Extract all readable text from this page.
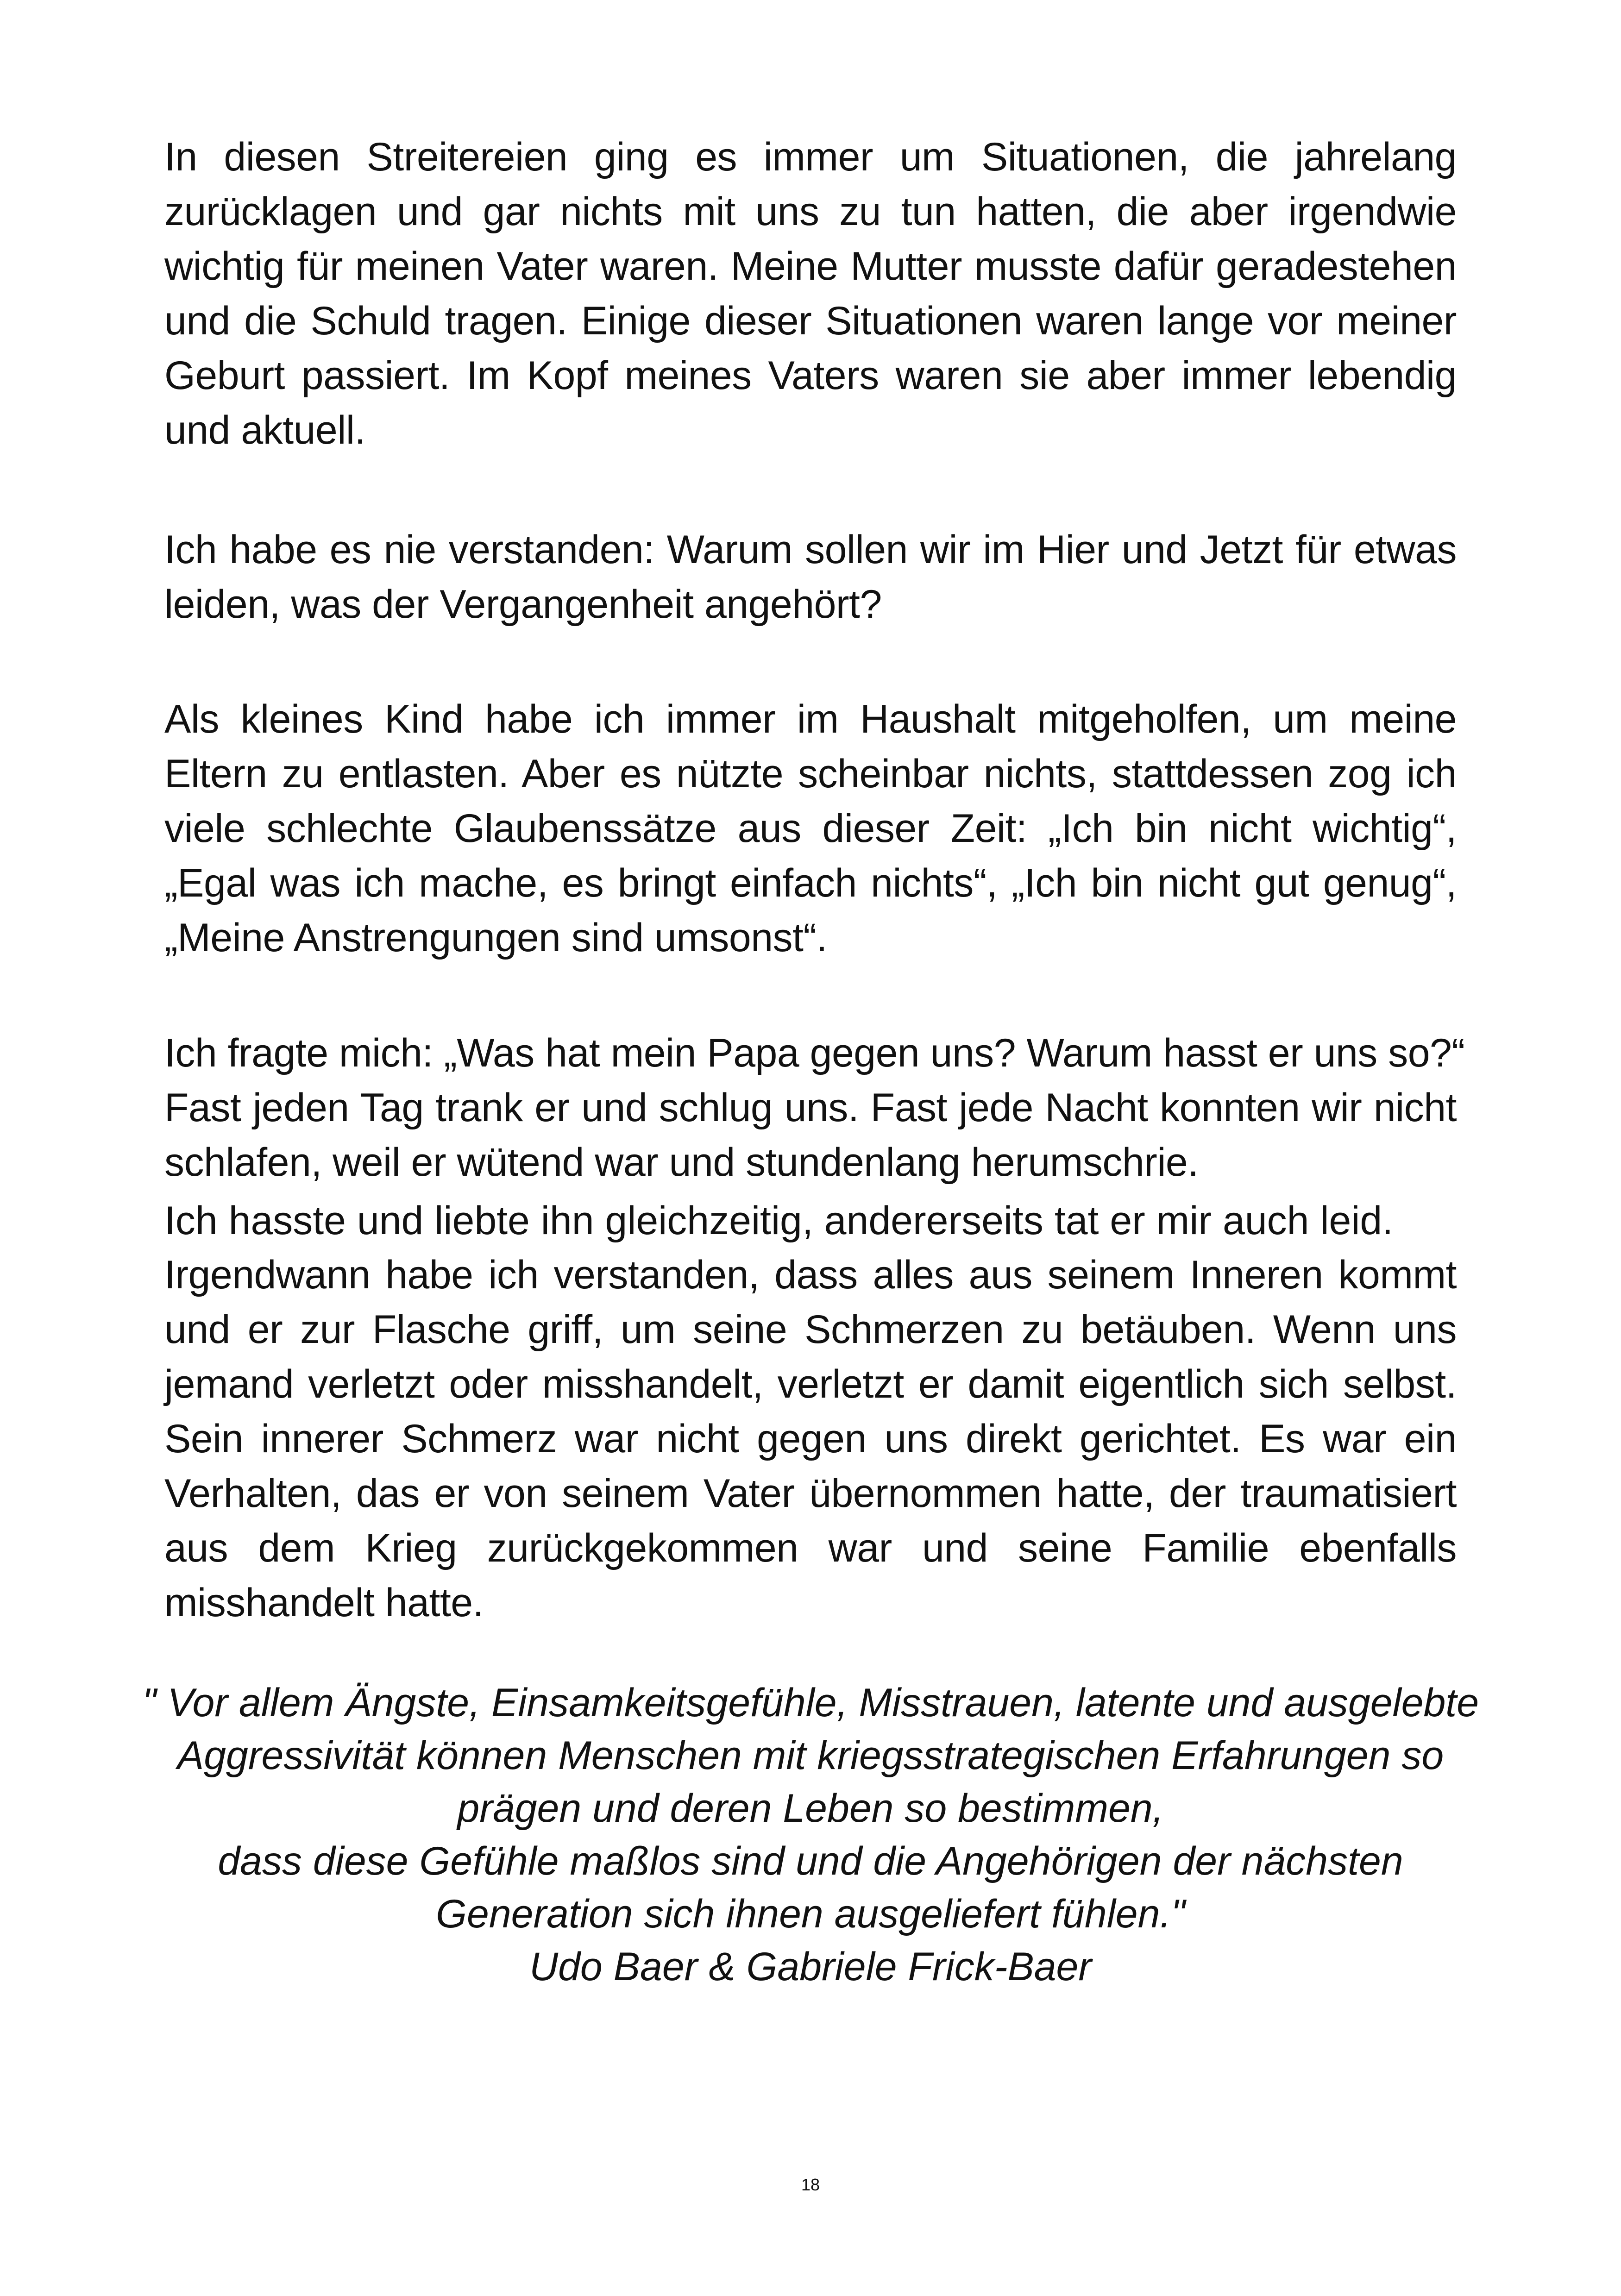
In diesen Streitereien ging es immer um Situationen, die jahrelang zurücklagen und gar nichts mit uns zu tun hatten, die aber irgendwie wichtig für meinen Vater waren. Meine Mutter musste dafür geradestehen und die Schuld tragen. Einige dieser Situationen waren lange vor meiner Geburt passiert. Im Kopf meines Vaters waren sie aber immer lebendig und aktuell.

Ich habe es nie verstanden: Warum sollen wir im Hier und Jetzt für etwas leiden, was der Vergangenheit angehört?

Als kleines Kind habe ich immer im Haushalt mitgeholfen, um meine Eltern zu entlasten. Aber es nützte scheinbar nichts, stattdessen zog ich viele schlechte Glaubenssätze aus dieser Zeit: „Ich bin nicht wichtig“, „Egal was ich mache, es bringt einfach nichts“, „Ich bin nicht gut genug“, „Meine Anstrengungen sind umsonst“.

Ich fragte mich: „Was hat mein Papa gegen uns? Warum hasst er uns so?“
Fast jeden Tag trank er und schlug uns. Fast jede Nacht konnten wir nicht schlafen, weil er wütend war und stundenlang herumschrie.

Ich hasste und liebte ihn gleichzeitig, andererseits tat er mir auch leid.

Irgendwann habe ich verstanden, dass alles aus seinem Inneren kommt und er zur Flasche griff, um seine Schmerzen zu betäuben. Wenn uns jemand verletzt oder misshandelt, verletzt er damit eigentlich sich selbst. Sein innerer Schmerz war nicht gegen uns direkt gerichtet. Es war ein Verhalten, das er von seinem Vater übernommen hatte, der traumatisiert aus dem Krieg zurückgekommen war und seine Familie ebenfalls misshandelt hatte.

" Vor allem Ängste, Einsamkeitsgefühle, Misstrauen, latente und ausgelebte
Aggressivität können Menschen mit kriegsstrategischen Erfahrungen so
prägen und deren Leben so bestimmen,
dass diese Gefühle maßlos sind und die Angehörigen der nächsten
Generation sich ihnen ausgeliefert fühlen."
Udo Baer & Gabriele Frick-Baer
18
